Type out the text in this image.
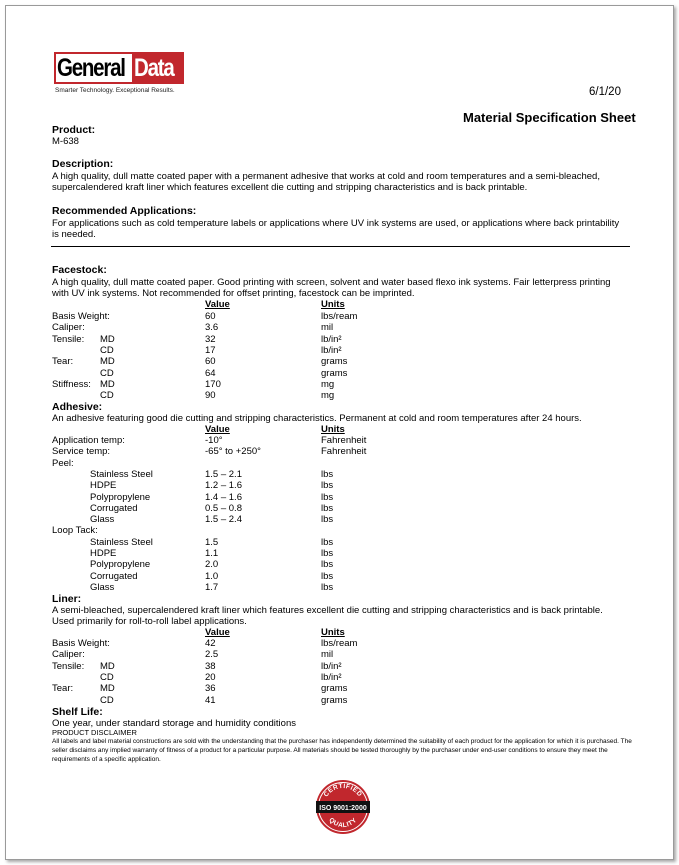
General Data
Smarter Technology. Exceptional Results.	6/1/20
Material Specification Sheet
Product:
M-638
Description:
A high quality, dull matte coated paper with a permanent adhesive that works at cold and room temperatures and a semi-bleached,
supercalendered kraft liner which features excellent die cutting and stripping characteristics and is back printable.
Recommended Applications:
For applications such as cold temperature labels or applications where UV ink systems are used, or applications where back printability
is needed.
Facestock:
A high quality, dull matte coated paper. Good printing with screen, solvent and water based flexo ink systems. Fair letterpress printing
with UV ink systems. Not recommended for offset printing, facestock can be imprinted.
Value	Units
Basis Weight:	60	lbs/ream
Caliper:	3.6	mil
Tensile: MD	32	lb/in²
CD	17	lb/in²
Tear:	MD	60	grams
CD	64	grams
Stiffness: MD	170	mg
CD	90	mg
Adhesive:
An adhesive featuring good die cutting and stripping characteristics. Permanent at cold and room temperatures after 24 hours.
Value	Units
Application temp:	-10°	Fahrenheit
Service temp:	-65° to +250°	Fahrenheit
Peel:
Stainless Steel	1.5 – 2.1	lbs
HDPE	1.2 – 1.6	lbs
Polypropylene	1.4 – 1.6	lbs
Corrugated	0.5 – 0.8	lbs
Glass	1.5 – 2.4	lbs
Loop Tack:
Stainless Steel	1.5	lbs
HDPE	1.1	lbs
Polypropylene	2.0	lbs
Corrugated	1.0	lbs
Glass	1.7	lbs
Liner:
A semi-bleached, supercalendered kraft liner which features excellent die cutting and stripping characteristics and is back printable.
Used primarily for roll-to-roll label applications.
Value	Units
Basis Weight:	42	lbs/ream
Caliper:	2.5	mil
Tensile: MD	38	lb/in²
CD	20	lb/in²
Tear:	MD	36	grams
CD	41	grams
Shelf Life:
One year, under standard storage and humidity conditions
PRODUCT DISCLAIMER
All labels and label material constructions are sold with the understanding that the purchaser has independently determined the suitability of each product for the application for which it is purchased. The seller disclaims any implied warranty of fitness of a product for a particular purpose. All materials should be tested thoroughly by the purchaser under end-user conditions to ensure they meet the requirements of a specific application.
ISO 9001:2000
CERTIFIED
QUALITY
